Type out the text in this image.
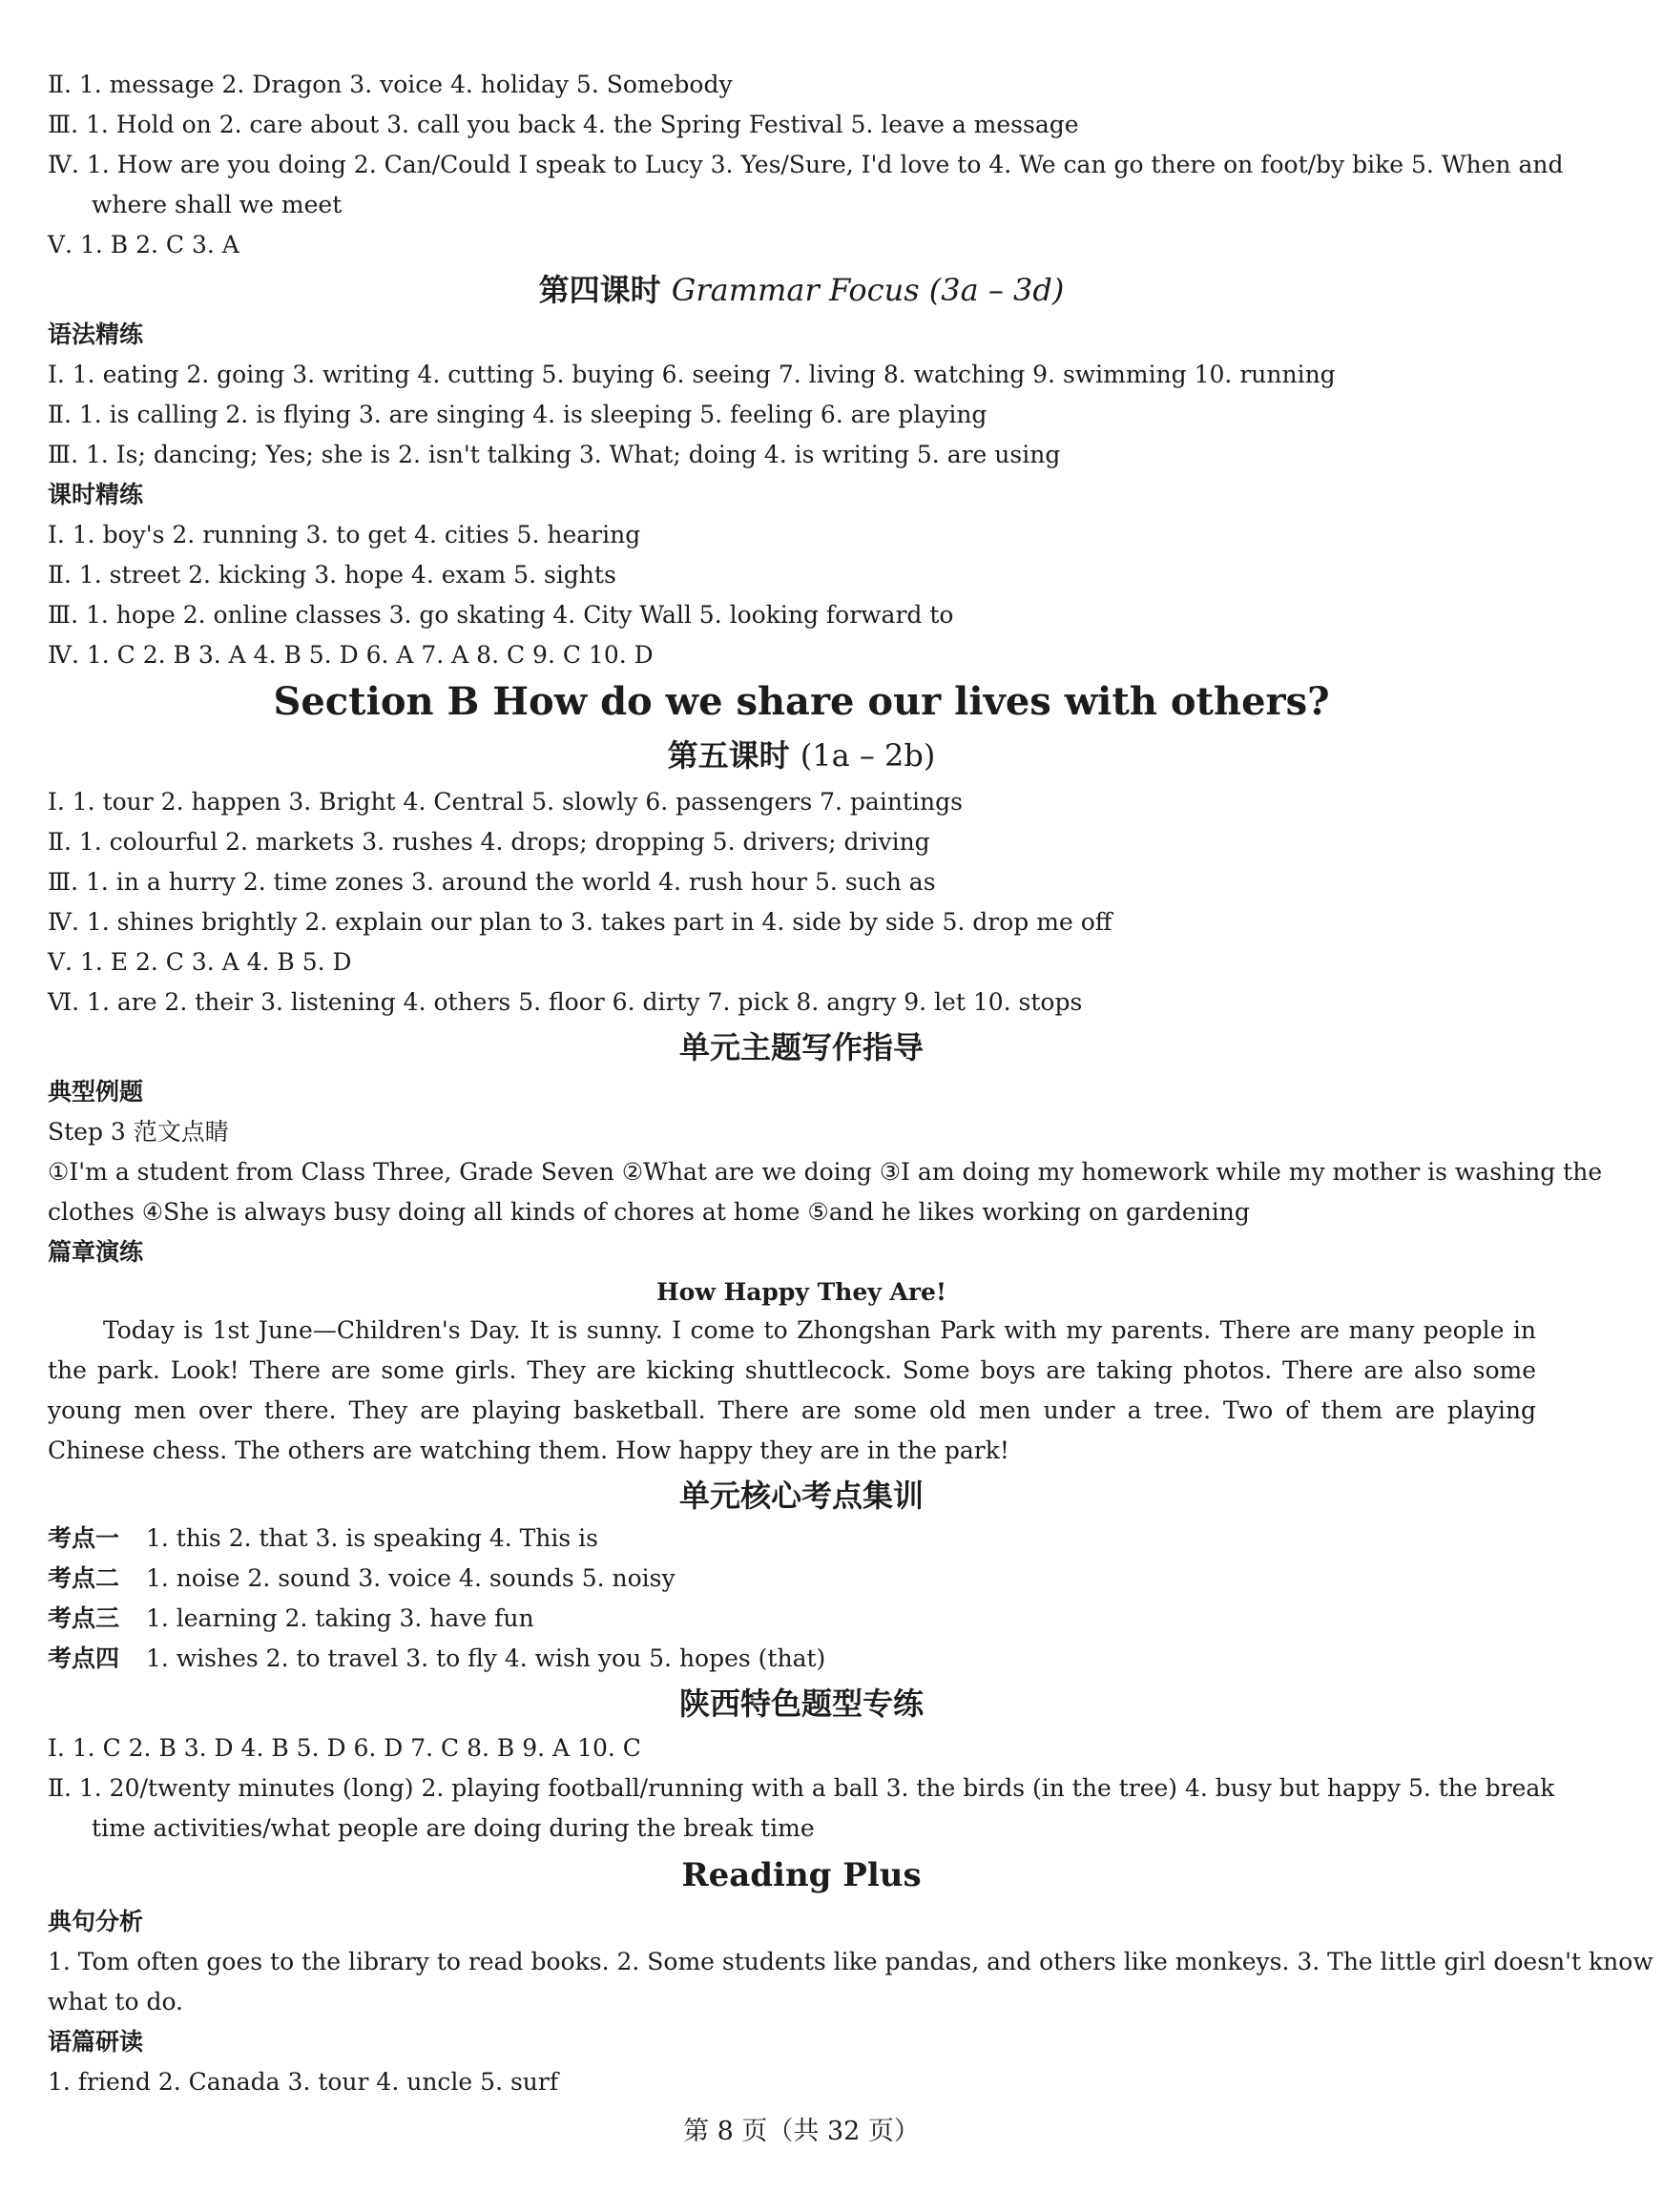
Ⅱ. 1. message 2. Dragon 3. voice 4. holiday 5. Somebody
Ⅲ. 1. Hold on 2. care about 3. call you back 4. the Spring Festival 5. leave a message
Ⅳ. 1. How are you doing 2. Can/Could I speak to Lucy 3. Yes/Sure, I'd love to 4. We can go there on foot/by bike 5. When and
where shall we meet
Ⅴ. 1. B 2. C 3. A
第四课时 Grammar Focus (3a – 3d)
语法精练
Ⅰ. 1. eating 2. going 3. writing 4. cutting 5. buying 6. seeing 7. living 8. watching 9. swimming 10. running
Ⅱ. 1. is calling 2. is flying 3. are singing 4. is sleeping 5. feeling 6. are playing
Ⅲ. 1. Is; dancing; Yes; she is 2. isn't talking 3. What; doing 4. is writing 5. are using
课时精练
Ⅰ. 1. boy's 2. running 3. to get 4. cities 5. hearing
Ⅱ. 1. street 2. kicking 3. hope 4. exam 5. sights
Ⅲ. 1. hope 2. online classes 3. go skating 4. City Wall 5. looking forward to
Ⅳ. 1. C 2. B 3. A 4. B 5. D 6. A 7. A 8. C 9. C 10. D
Section B How do we share our lives with others?
第五课时 (1a – 2b)
Ⅰ. 1. tour 2. happen 3. Bright 4. Central 5. slowly 6. passengers 7. paintings
Ⅱ. 1. colourful 2. markets 3. rushes 4. drops; dropping 5. drivers; driving
Ⅲ. 1. in a hurry 2. time zones 3. around the world 4. rush hour 5. such as
Ⅳ. 1. shines brightly 2. explain our plan to 3. takes part in 4. side by side 5. drop me off
Ⅴ. 1. E 2. C 3. A 4. B 5. D
Ⅵ. 1. are 2. their 3. listening 4. others 5. floor 6. dirty 7. pick 8. angry 9. let 10. stops
单元主题写作指导
典型例题
Step 3 范文点睛
①I'm a student from Class Three, Grade Seven ②What are we doing ③I am doing my homework while my mother is washing the
clothes ④She is always busy doing all kinds of chores at home ⑤and he likes working on gardening
篇章演练
How Happy They Are!
Today is 1st June—Children's Day. It is sunny. I come to Zhongshan Park with my parents. There are many people in the park. Look! There are some girls. They are kicking shuttlecock. Some boys are taking photos. There are also some young men over there. They are playing basketball. There are some old men under a tree. Two of them are playing Chinese chess. The others are watching them. How happy they are in the park!
单元核心考点集训
考点一 1. this 2. that 3. is speaking 4. This is
考点二 1. noise 2. sound 3. voice 4. sounds 5. noisy
考点三 1. learning 2. taking 3. have fun
考点四 1. wishes 2. to travel 3. to fly 4. wish you 5. hopes (that)
陕西特色题型专练
Ⅰ. 1. C 2. B 3. D 4. B 5. D 6. D 7. C 8. B 9. A 10. C
Ⅱ. 1. 20/twenty minutes (long) 2. playing football/running with a ball 3. the birds (in the tree) 4. busy but happy 5. the break
time activities/what people are doing during the break time
Reading Plus
典句分析
1. Tom often goes to the library to read books. 2. Some students like pandas, and others like monkeys. 3. The little girl doesn't know
what to do.
语篇研读
1. friend 2. Canada 3. tour 4. uncle 5. surf
第 8 页（共 32 页）
